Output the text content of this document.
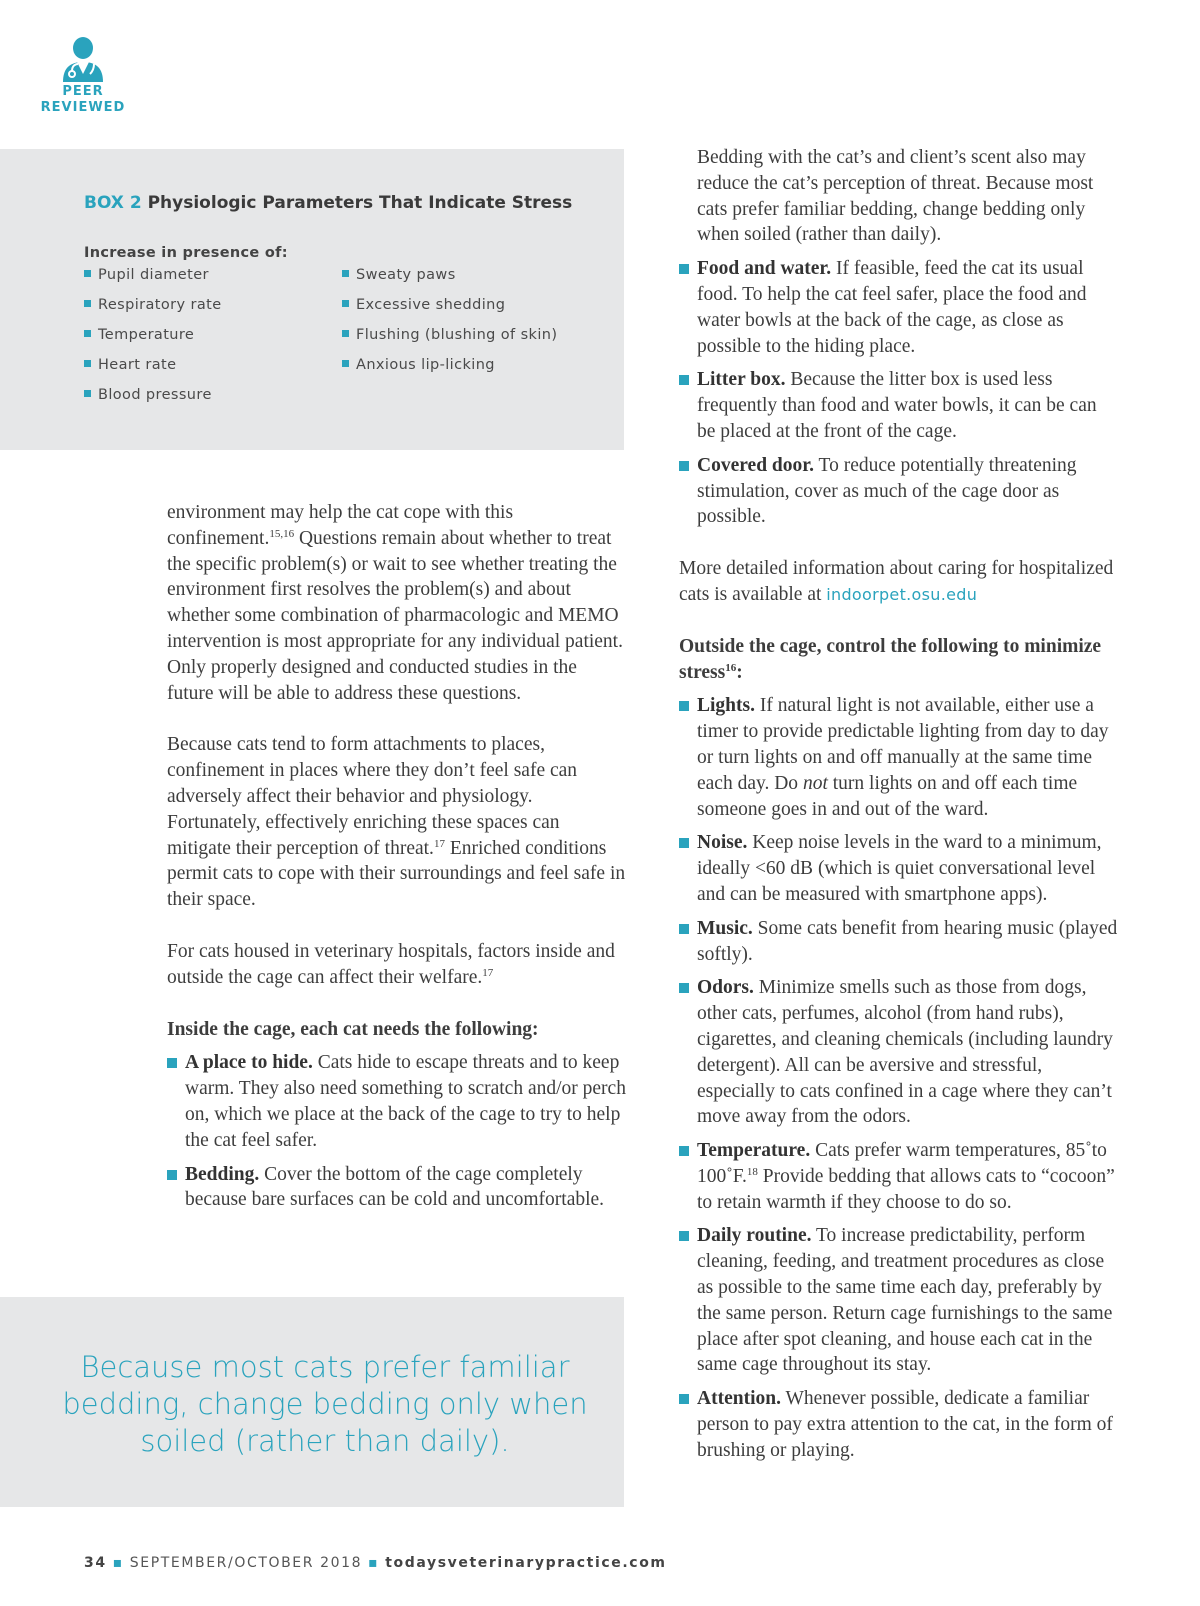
PEER
REVIEWED
BOX 2 Physiologic Parameters That Indicate Stress
Increase in presence of:
Pupil diameter
Respiratory rate
Temperature
Heart rate
Blood pressure
Sweaty paws
Excessive shedding
Flushing (blushing of skin)
Anxious lip-licking

environment may help the cat cope with this confinement.$^{15,16}$ Questions remain about whether to treat the specific problem(s) or wait to see whether treating the environment first resolves the problem(s) and about whether some combination of pharmacologic and MEMO intervention is most appropriate for any individual patient. Only properly designed and conducted studies in the future will be able to address these questions.

Because cats tend to form attachments to places, confinement in places where they don’t feel safe can adversely affect their behavior and physiology. Fortunately, effectively enriching these spaces can mitigate their perception of threat.$^{17}$ Enriched conditions permit cats to cope with their surroundings and feel safe in their space.

For cats housed in veterinary hospitals, factors inside and outside the cage can affect their welfare.$^{17}$

Inside the cage, each cat needs the following:

A place to hide. Cats hide to escape threats and to keep warm. They also need something to scratch and/or perch on, which we place at the back of the cage to try to help the cat feel safer.
Bedding. Cover the bottom of the cage completely because bare surfaces can be cold and uncomfortable.
Because most cats prefer familiar bedding, change bedding only when soiled (rather than daily).

Bedding with the cat’s and client’s scent also may reduce the cat’s perception of threat. Because most cats prefer familiar bedding, change bedding only when soiled (rather than daily).

Food and water. If feasible, feed the cat its usual food. To help the cat feel safer, place the food and water bowls at the back of the cage, as close as possible to the hiding place.
Litter box. Because the litter box is used less frequently than food and water bowls, it can be can be placed at the front of the cage.
Covered door. To reduce potentially threatening stimulation, cover as much of the cage door as possible.

More detailed information about caring for hospitalized cats is available at indoorpet.osu.edu

Outside the cage, control the following to minimize stress$^{16}$:

Lights. If natural light is not available, either use a timer to provide predictable lighting from day to day or turn lights on and off manually at the same time each day. Do not turn lights on and off each time someone goes in and out of the ward.
Noise. Keep noise levels in the ward to a minimum, ideally <60 dB (which is quiet conversational level and can be measured with smartphone apps).
Music. Some cats benefit from hearing music (played softly).
Odors. Minimize smells such as those from dogs, other cats, perfumes, alcohol (from hand rubs), cigarettes, and cleaning chemicals (including laundry detergent). All can be aversive and stressful, especially to cats confined in a cage where they can’t move away from the odors.
Temperature. Cats prefer warm temperatures, 85˚to 100˚F.$^{18}$ Provide bedding that allows cats to “cocoon” to retain warmth if they choose to do so.
Daily routine. To increase predictability, perform cleaning, feeding, and treatment procedures as close as possible to the same time each day, preferably by the same person. Return cage furnishings to the same place after spot cleaning, and house each cat in the same cage throughout its stay.
Attention. Whenever possible, dedicate a familiar person to pay extra attention to the cat, in the form of brushing or playing.
34 ▪ SEPTEMBER/OCTOBER 2018 ▪ todaysveterinarypractice.com
